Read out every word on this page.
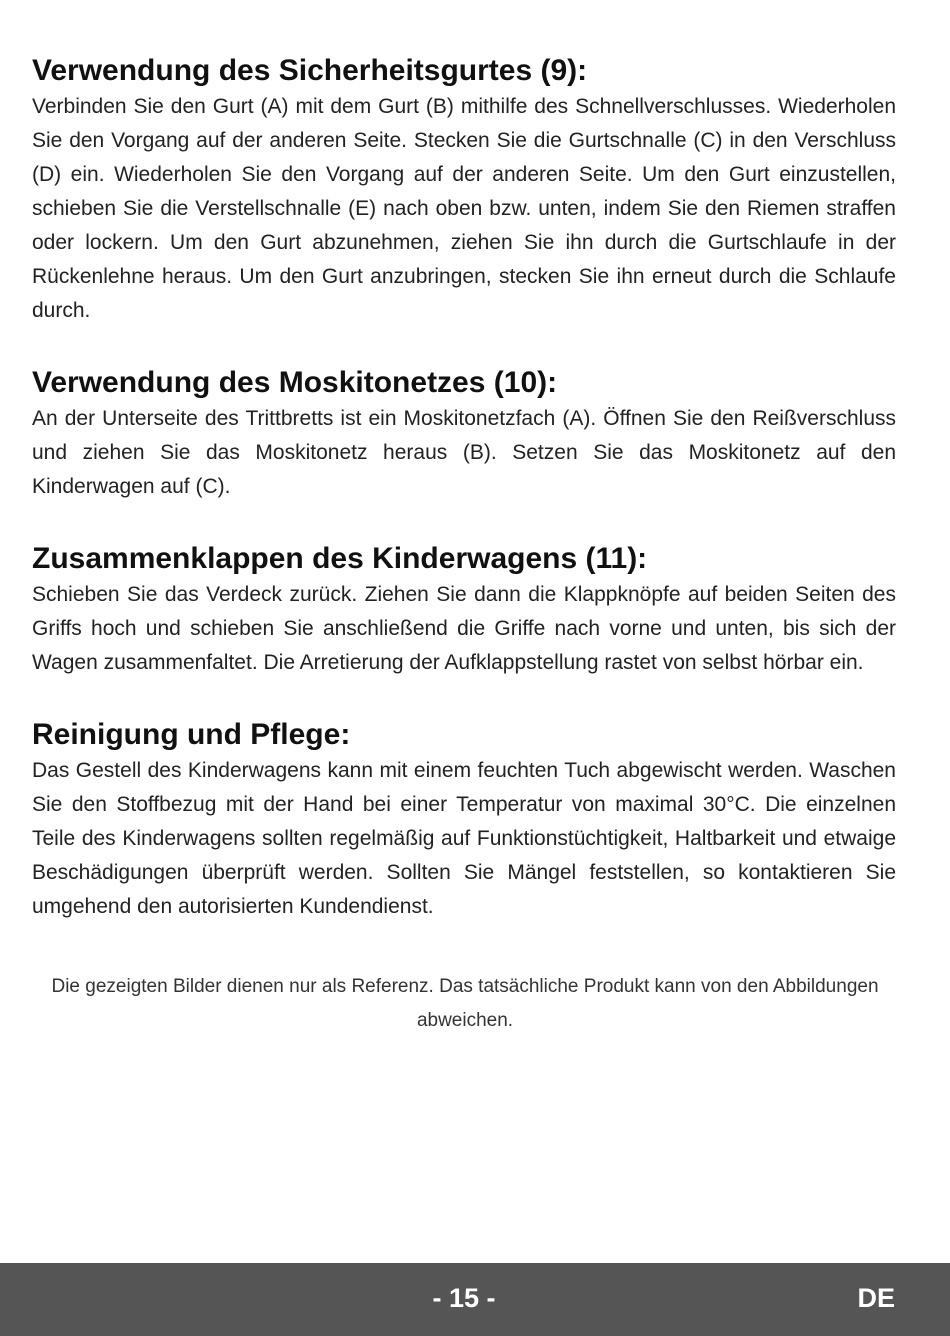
Verwendung des Sicherheitsgurtes (9):

Verbinden Sie den Gurt (A) mit dem Gurt (B) mithilfe des Schnellverschlusses. Wiederholen Sie den Vorgang auf der anderen Seite. Stecken Sie die Gurtschnalle (C) in den Verschluss (D) ein. Wiederholen Sie den Vorgang auf der anderen Seite. Um den Gurt einzustellen, schieben Sie die Verstellschnalle (E) nach oben bzw. unten, indem Sie den Riemen straffen oder lockern. Um den Gurt abzunehmen, ziehen Sie ihn durch die Gurtschlaufe in der Rückenlehne heraus. Um den Gurt anzubringen, stecken Sie ihn erneut durch die Schlaufe durch.

Verwendung des Moskitonetzes (10):

An der Unterseite des Trittbretts ist ein Moskitonetzfach (A). Öffnen Sie den Reißverschluss und ziehen Sie das Moskitonetz heraus (B). Setzen Sie das Moskitonetz auf den Kinderwagen auf (C).

Zusammenklappen des Kinderwagens (11):

Schieben Sie das Verdeck zurück. Ziehen Sie dann die Klappknöpfe auf beiden Seiten des Griffs hoch und schieben Sie anschließend die Griffe nach vorne und unten, bis sich der Wagen zusammenfaltet. Die Arretierung der Aufklappstellung rastet von selbst hörbar ein.

Reinigung und Pflege:

Das Gestell des Kinderwagens kann mit einem feuchten Tuch abgewischt werden. Waschen Sie den Stoffbezug mit der Hand bei einer Temperatur von maximal 30°C. Die einzelnen Teile des Kinderwagens sollten regelmäßig auf Funktionstüchtigkeit, Haltbarkeit und etwaige Beschädigungen überprüft werden. Sollten Sie Mängel feststellen, so kontaktieren Sie umgehend den autorisierten Kundendienst.

Die gezeigten Bilder dienen nur als Referenz. Das tatsächliche Produkt kann von den Abbildungen abweichen.
- 15 -	DE
